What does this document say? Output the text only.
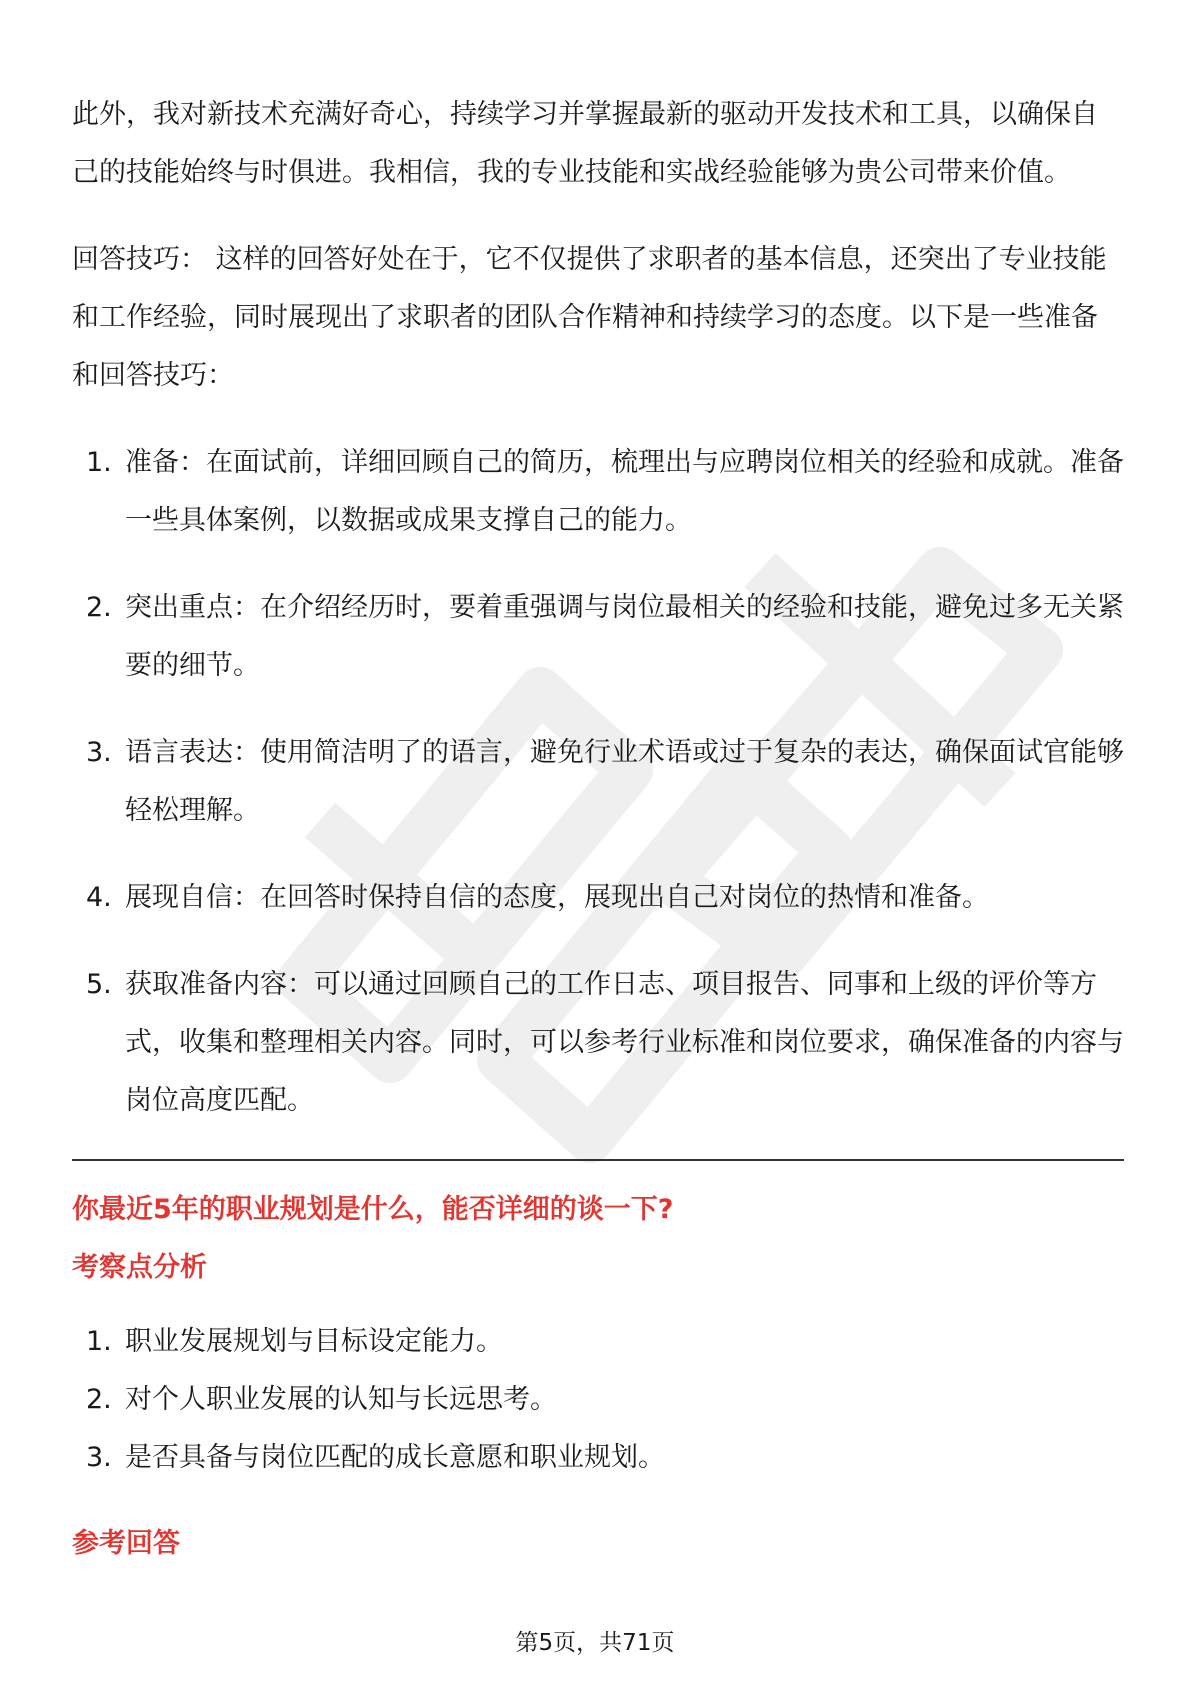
此外，我对新技术充满好奇心，持续学习并掌握最新的驱动开发技术和工具，以确保自己的技能始终与时俱进。我相信，我的专业技能和实战经验能够为贵公司带来价值。

回答技巧： 这样的回答好处在于，它不仅提供了求职者的基本信息，还突出了专业技能和工作经验，同时展现出了求职者的团队合作精神和持续学习的态度。以下是一些准备和回答技巧：

1. 准备：在面试前，详细回顾自己的简历，梳理出与应聘岗位相关的经验和成就。准备一些具体案例，以数据或成果支撑自己的能力。
2. 突出重点：在介绍经历时，要着重强调与岗位最相关的经验和技能，避免过多无关紧要的细节。
3. 语言表达：使用简洁明了的语言，避免行业术语或过于复杂的表达，确保面试官能够轻松理解。
4. 展现自信：在回答时保持自信的态度，展现出自己对岗位的热情和准备。
5. 获取准备内容：可以通过回顾自己的工作日志、项目报告、同事和上级的评价等方式，收集和整理相关内容。同时，可以参考行业标准和岗位要求，确保准备的内容与岗位高度匹配。
你最近5年的职业规划是什么，能否详细的谈一下?
考察点分析
1. 职业发展规划与目标设定能力。
2. 对个人职业发展的认知与长远思考。
3. 是否具备与岗位匹配的成长意愿和职业规划。
参考回答
第5页，共71页
